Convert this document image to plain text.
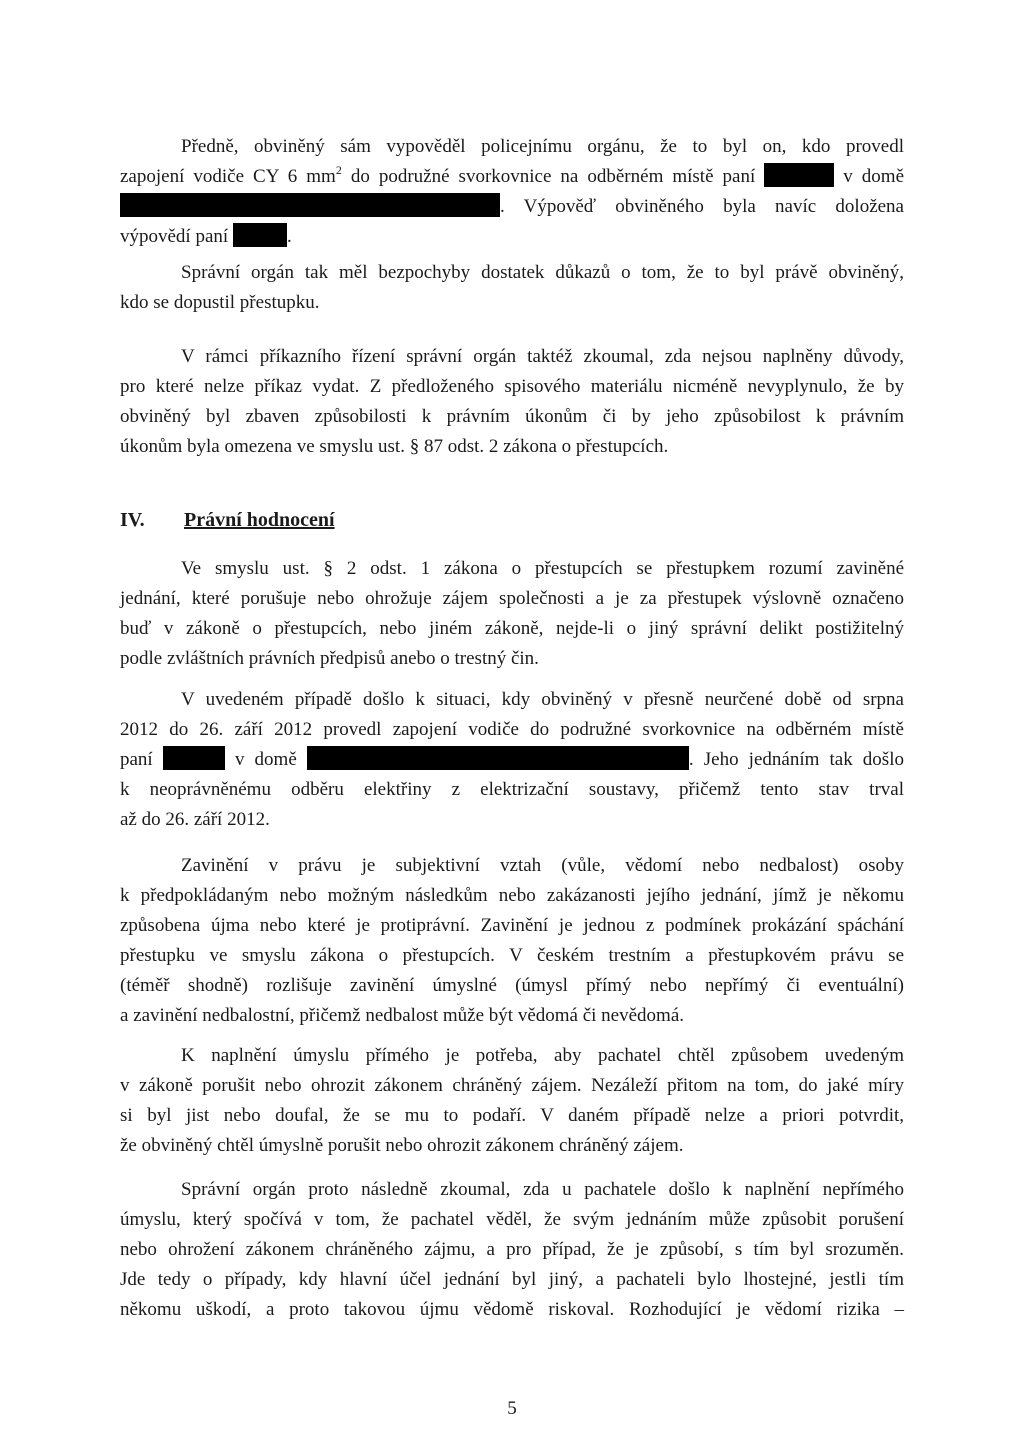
Předně, obviněný sám vypověděl policejnímu orgánu, že to byl on, kdo provedl
zapojení vodiče CY 6 $mm^2$ do podružné svorkovnice na odběrném místě paní	v domě
. Výpověď obviněného byla navíc doložena
výpovědí paní	.
Správní orgán tak měl bezpochyby dostatek důkazů o tom, že to byl právě obviněný,
kdo se dopustil přestupku.
V rámci příkazního řízení správní orgán taktéž zkoumal, zda nejsou naplněny důvody,
pro které nelze příkaz vydat. Z předloženého spisového materiálu nicméně nevyplynulo, že by
obviněný byl zbaven způsobilosti k právním úkonům či by jeho způsobilost k právním
úkonům byla omezena ve smyslu ust. § 87 odst. 2 zákona o přestupcích.
IV. Právní hodnocení
Ve smyslu ust. § 2 odst. 1 zákona o přestupcích se přestupkem rozumí zaviněné
jednání, které porušuje nebo ohrožuje zájem společnosti a je za přestupek výslovně označeno
buď v zákoně o přestupcích, nebo jiném zákoně, nejde-li o jiný správní delikt postižitelný
podle zvláštních právních předpisů anebo o trestný čin.
V uvedeném případě došlo k situaci, kdy obviněný v přesně neurčené době od srpna
2012 do 26. září 2012 provedl zapojení vodiče do podružné svorkovnice na odběrném místě
paní	v domě	. Jeho jednáním tak došlo
k neoprávněnému odběru elektřiny z elektrizační soustavy, přičemž tento stav trval
až do 26. září 2012.
Zavinění v právu je subjektivní vztah (vůle, vědomí nebo nedbalost) osoby
k předpokládaným nebo možným následkům nebo zakázanosti jejího jednání, jímž je někomu
způsobena újma nebo které je protiprávní. Zavinění je jednou z podmínek prokázání spáchání
přestupku ve smyslu zákona o přestupcích. V českém trestním a přestupkovém právu se
(téměř shodně) rozlišuje zavinění úmyslné (úmysl přímý nebo nepřímý či eventuální)
a zavinění nedbalostní, přičemž nedbalost může být vědomá či nevědomá.
K naplnění úmyslu přímého je potřeba, aby pachatel chtěl způsobem uvedeným
v zákoně porušit nebo ohrozit zákonem chráněný zájem. Nezáleží přitom na tom, do jaké míry
si byl jist nebo doufal, že se mu to podaří. V daném případě nelze a priori potvrdit,
že obviněný chtěl úmyslně porušit nebo ohrozit zákonem chráněný zájem.
Správní orgán proto následně zkoumal, zda u pachatele došlo k naplnění nepřímého
úmyslu, který spočívá v tom, že pachatel věděl, že svým jednáním může způsobit porušení
nebo ohrožení zákonem chráněného zájmu, a pro případ, že je způsobí, s tím byl srozuměn.
Jde tedy o případy, kdy hlavní účel jednání byl jiný, a pachateli bylo lhostejné, jestli tím
někomu uškodí, a proto takovou újmu vědomě riskoval. Rozhodující je vědomí rizika –
5
